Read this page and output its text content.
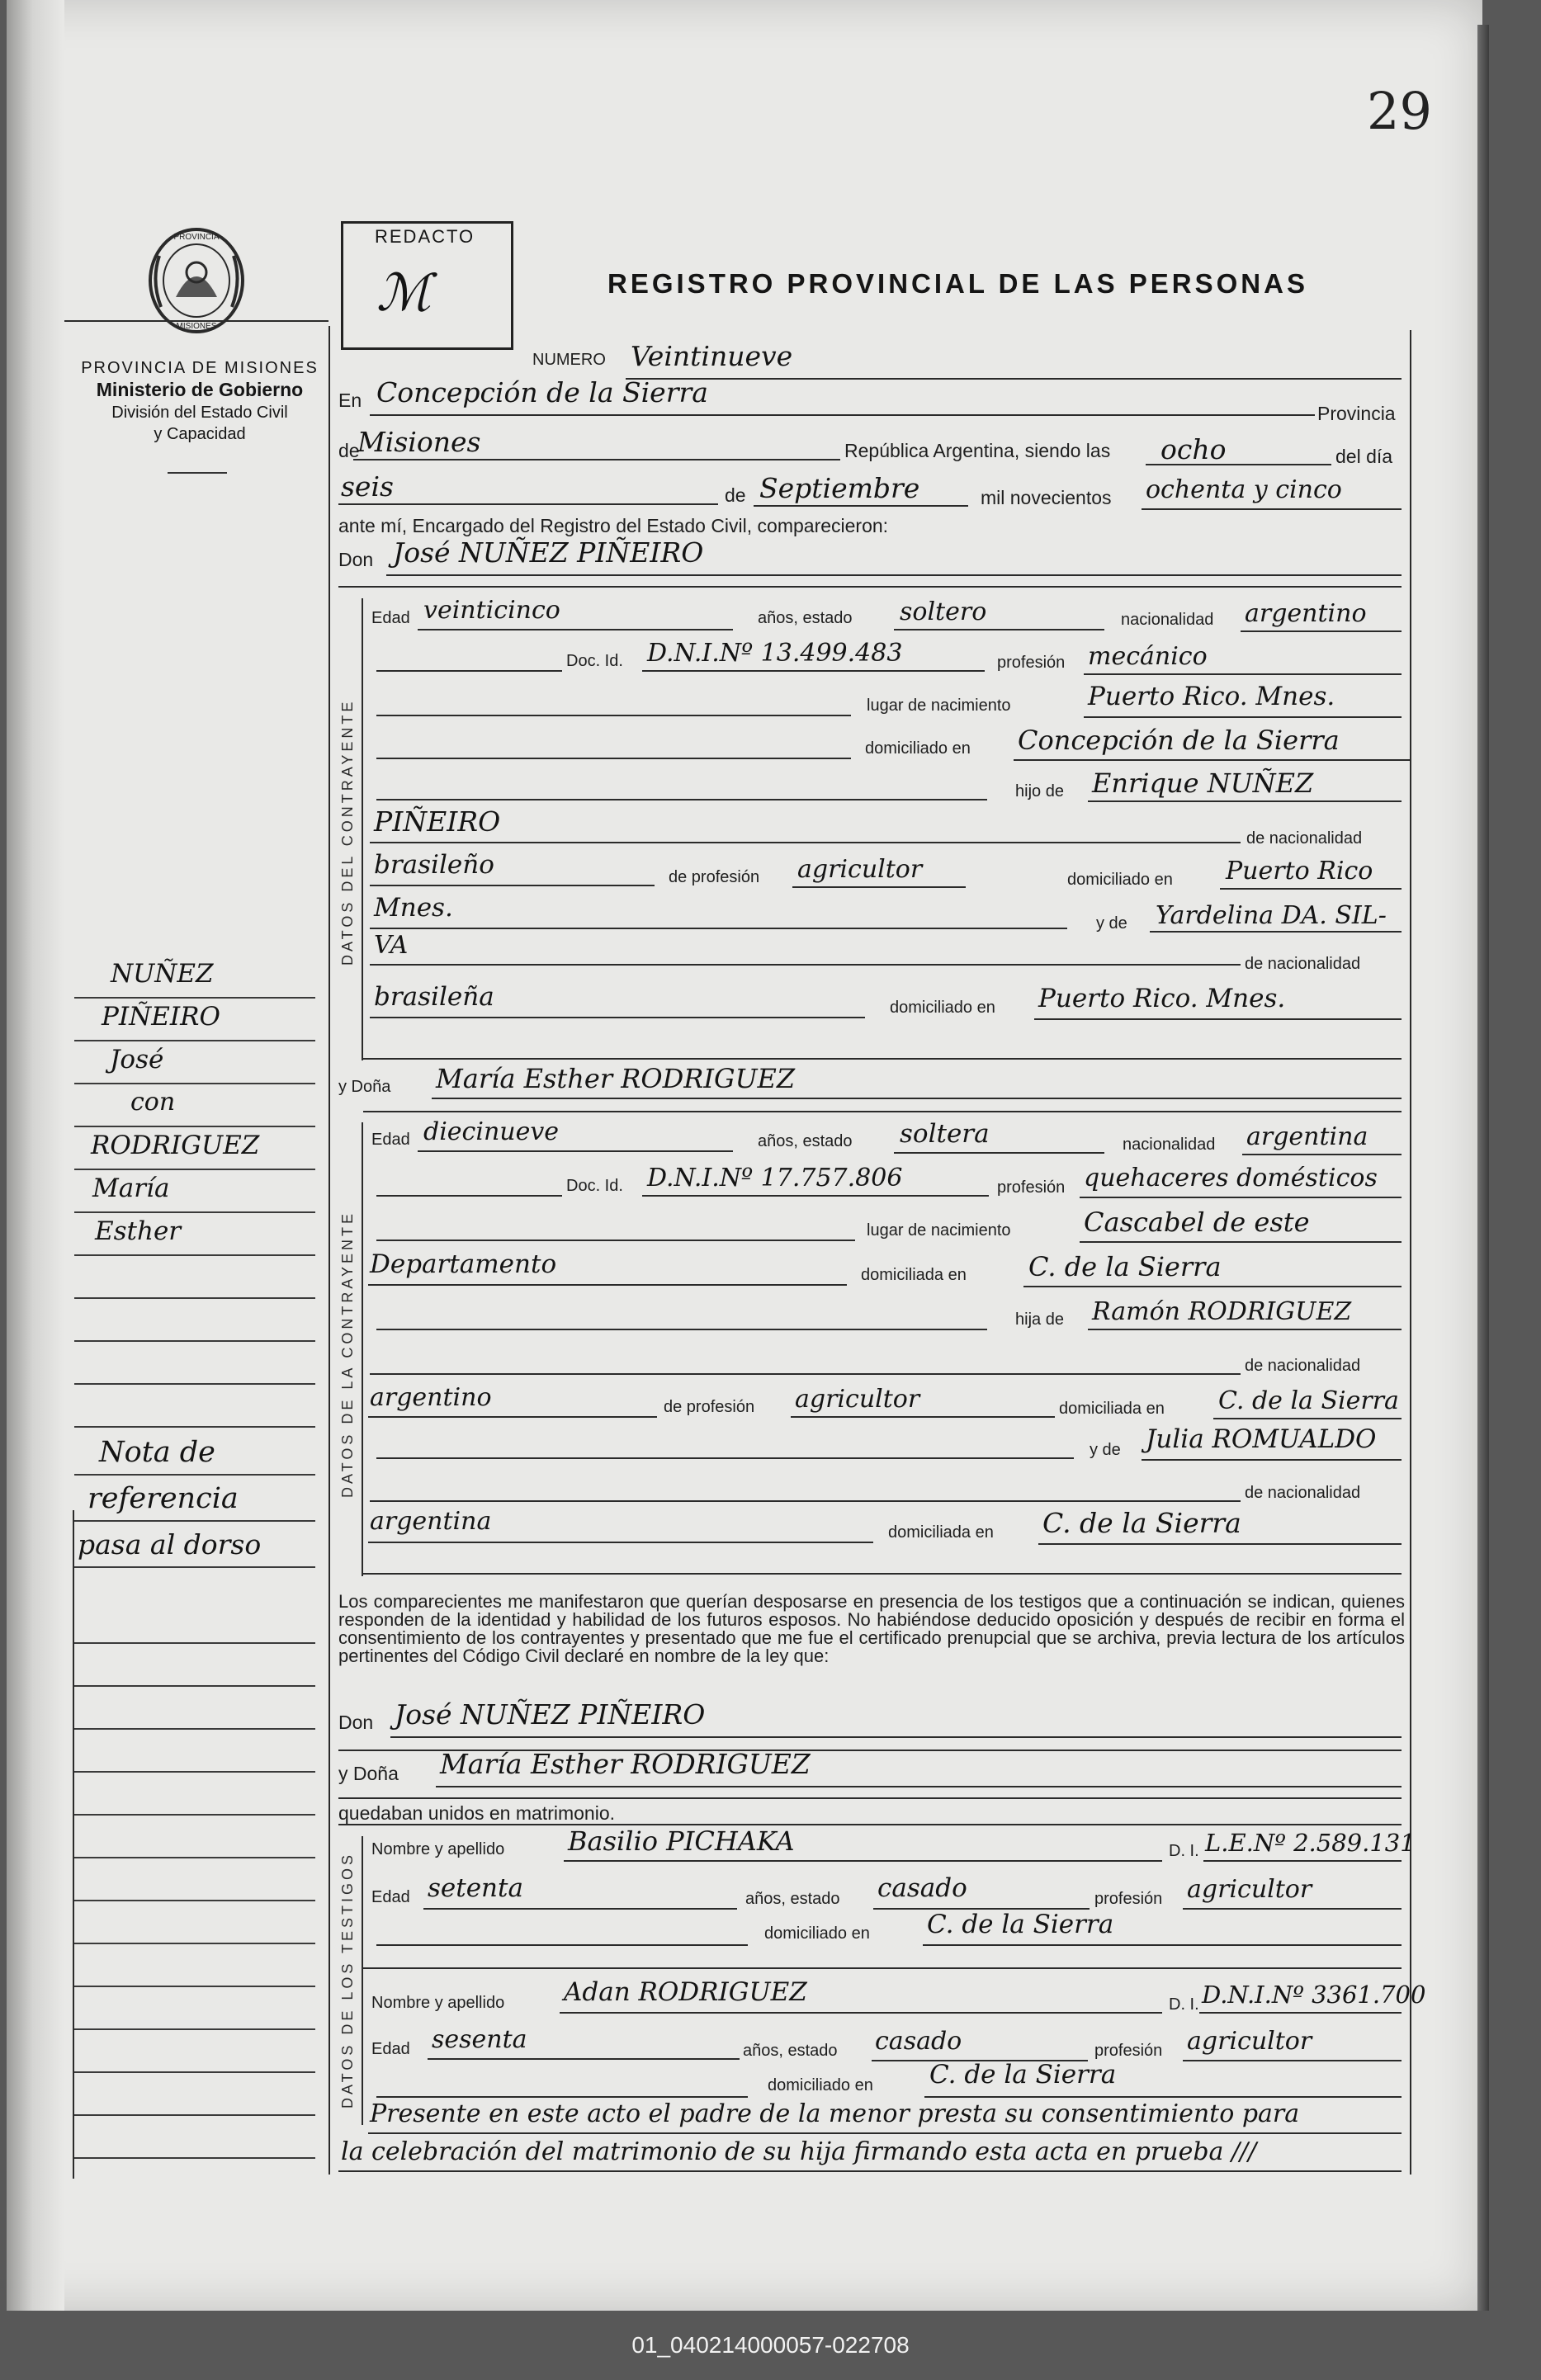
29
PROVINCIA
MISIONES
PROVINCIA DE MISIONES
Ministerio de Gobierno
División del Estado Civil
y Capacidad
REDACTO
ℳ	REGISTRO PROVINCIAL DE LAS PERSONAS
NUMERO Veintinueve
En Concepción de la Sierra
Provincia
de
Misiones	República Argentina, siendo las ocho	del día
seis	de Septiembre	mil novecientos ochenta y cinco
ante mí, Encargado del Registro del Estado Civil, comparecieron:
Don José NUÑEZ PIÑEIRO
DATOS DEL CONTRAYENTE
Edad veinticinco	años, estado soltero	nacionalidad argentino
Doc. Id. D.N.I.Nº 13.499.483	profesión mecánico
lugar de nacimiento	Puerto Rico. Mnes.
domiciliado en Concepción de la Sierra
hijo de Enrique NUÑEZ
PIÑEIRO
de nacionalidad
brasileño	de profesión agricultor	domiciliado en Puerto Rico
Mnes.
y de Yardelina DA. SIL-
VA
de nacionalidad
brasileña	domiciliado en Puerto Rico. Mnes.
y Doña María Esther RODRIGUEZ
DATOS DE LA CONTRAYENTE
Edad diecinueve	años, estado soltera	nacionalidad argentina
Doc. Id. D.N.I.Nº 17.757.806	profesión quehaceres domésticos
lugar de nacimiento	Cascabel de este
Departamento	domiciliada en C. de la Sierra
hija de Ramón RODRIGUEZ
de nacionalidad
argentino	de profesión agricultor	domiciliada en C. de la Sierra
y de Julia ROMUALDO
de nacionalidad
argentina	domiciliada en C. de la Sierra
Los comparecientes me manifestaron que querían desposarse en presencia de los testigos que a continuación se indican, quienes responden de la identidad y habilidad de los futuros esposos. No habiéndose deducido oposición y después de recibir en forma el consentimiento de los contrayentes y presentado que me fue el certificado prenupcial que se archiva, previa lectura de los artículos pertinentes del Código Civil declaré en nombre de la ley que:
Don José NUÑEZ PIÑEIRO
y Doña María Esther RODRIGUEZ
quedaban unidos en matrimonio.
DATOS DE LOS TESTIGOS
Nombre y apellido Basilio PICHAKA	D. I. L.E.Nº 2.589.131
Edad setenta	años, estado casado	profesión agricultor
domiciliado en C. de la Sierra
Nombre y apellido Adan RODRIGUEZ	D. I. D.N.I.Nº 3361.700
Edad sesenta	años, estado casado	profesión agricultor
domiciliado en C. de la Sierra
Presente en este acto el padre de la menor presta su consentimiento para
la celebración del matrimonio de su hija firmando esta acta en prueba ///
NUÑEZ
PIÑEIRO
José
con
RODRIGUEZ
María
Esther
Nota de
referencia
pasa al dorso
01_040214000057-022708
